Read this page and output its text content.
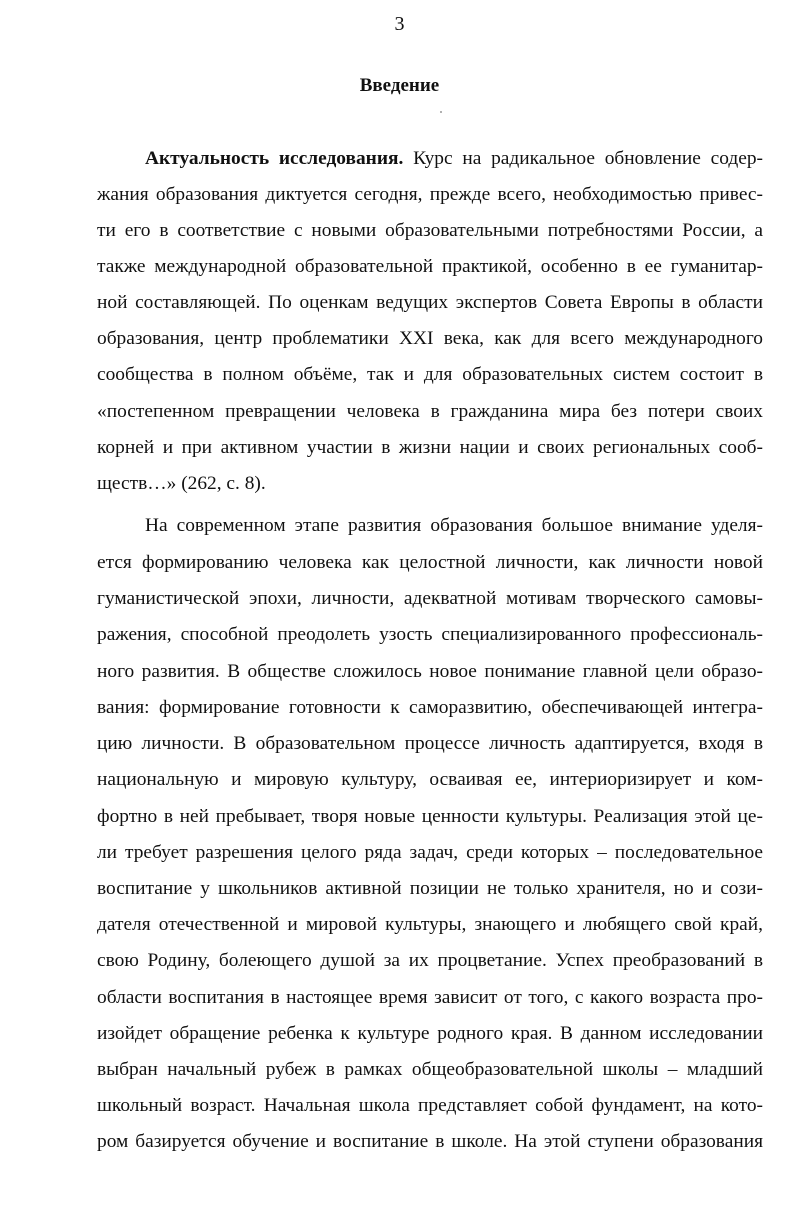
3
Введение
Актуальность исследования. Курс на радикальное обновление содер-
жания образования диктуется сегодня, прежде всего, необходимостью привес-
ти его в соответствие с новыми образовательными потребностями России, а
также международной образовательной практикой, особенно в ее гуманитар-
ной составляющей. По оценкам ведущих экспертов Совета Европы в области
образования, центр проблематики XXI века, как для всего международного
сообщества в полном объёме, так и для образовательных систем состоит в
«постепенном превращении человека в гражданина мира без потери своих
корней и при активном участии в жизни нации и своих региональных сооб-
ществ…» (262, с. 8).
На современном этапе развития образования большое внимание уделя-
ется формированию человека как целостной личности, как личности новой
гуманистической эпохи, личности, адекватной мотивам творческого самовы-
ражения, способной преодолеть узость специализированного профессиональ-
ного развития. В обществе сложилось новое понимание главной цели образо-
вания: формирование готовности к саморазвитию, обеспечивающей интегра-
цию личности. В образовательном процессе личность адаптируется, входя в
национальную и мировую культуру, осваивая ее, интериоризирует и ком-
фортно в ней пребывает, творя новые ценности культуры. Реализация этой це-
ли требует разрешения целого ряда задач, среди которых – последовательное
воспитание у школьников активной позиции не только хранителя, но и сози-
дателя отечественной и мировой культуры, знающего и любящего свой край,
свою Родину, болеющего душой за их процветание. Успех преобразований в
области воспитания в настоящее время зависит от того, с какого возраста про-
изойдет обращение ребенка к культуре родного края. В данном исследовании
выбран начальный рубеж в рамках общеобразовательной школы – младший
школьный возраст. Начальная школа представляет собой фундамент, на кото-
ром базируется обучение и воспитание в школе. На этой ступени образования
